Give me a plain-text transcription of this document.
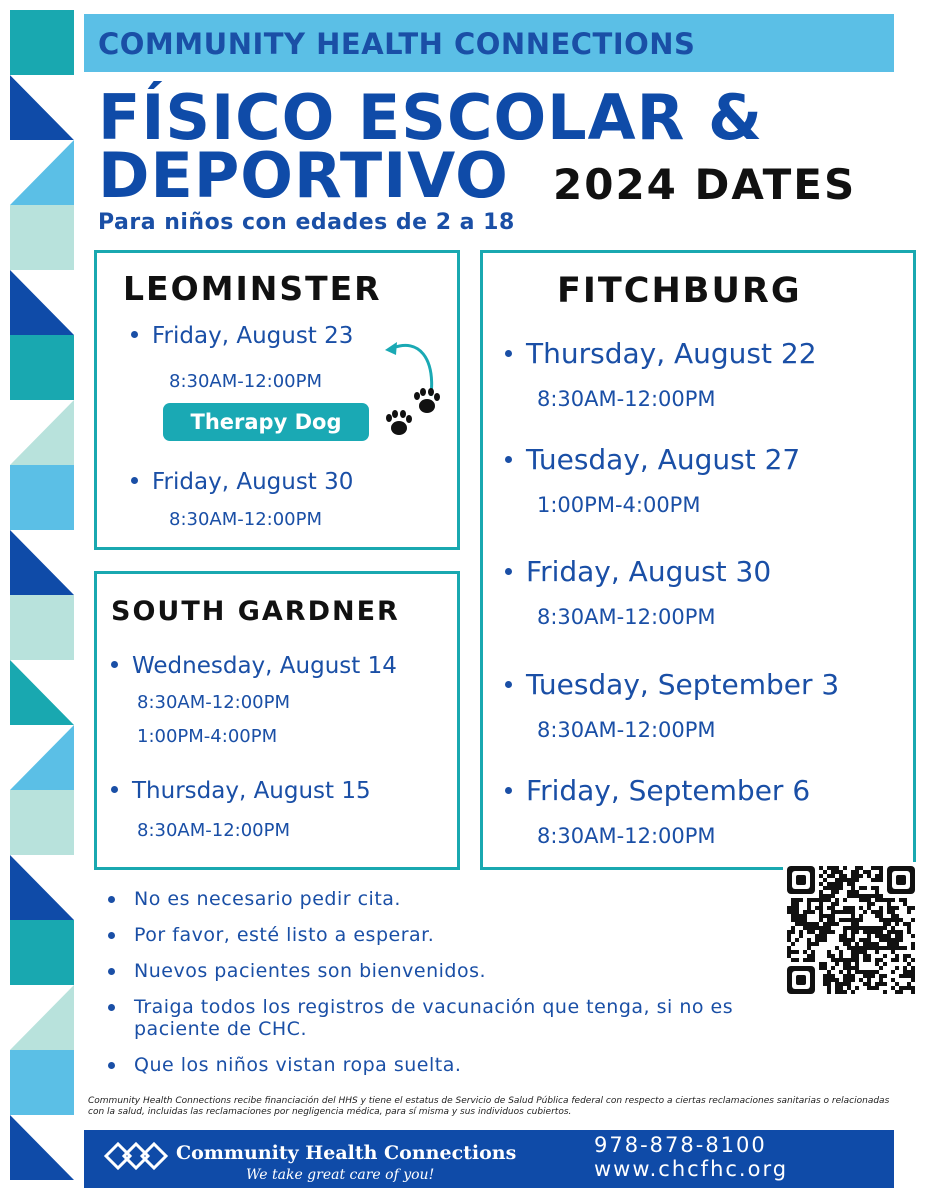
COMMUNITY HEALTH CONNECTIONS
FÍSICO ESCOLAR &
DEPORTIVO 2024 DATES
Para niños con edades de 2 a 18
LEOMINSTER
Friday, August 23
8:30AM-12:00PM
Therapy Dog
Friday, August 30
8:30AM-12:00PM
SOUTH GARDNER
Wednesday, August 14
8:30AM-12:00PM
1:00PM-4:00PM
Thursday, August 15
8:30AM-12:00PM
FITCHBURG
Thursday, August 22
8:30AM-12:00PM
Tuesday, August 27
1:00PM-4:00PM
Friday, August 30
8:30AM-12:00PM
Tuesday, September 3
8:30AM-12:00PM
Friday, September 6
8:30AM-12:00PM
No es necesario pedir cita.
Por favor, esté listo a esperar.
Nuevos pacientes son bienvenidos.
Traiga todos los registros de vacunación que tenga, si no es paciente de CHC.
Que los niños vistan ropa suelta.
Community Health Connections recibe financiación del HHS y tiene el estatus de Servicio de Salud Pública federal con respecto a ciertas reclamaciones sanitarias o relacionadas con la salud, incluidas las reclamaciones por negligencia médica, para sí misma y sus individuos cubiertos.
Community Health Connections
We take great care of you!
978-878-8100
www.chcfhc.org
